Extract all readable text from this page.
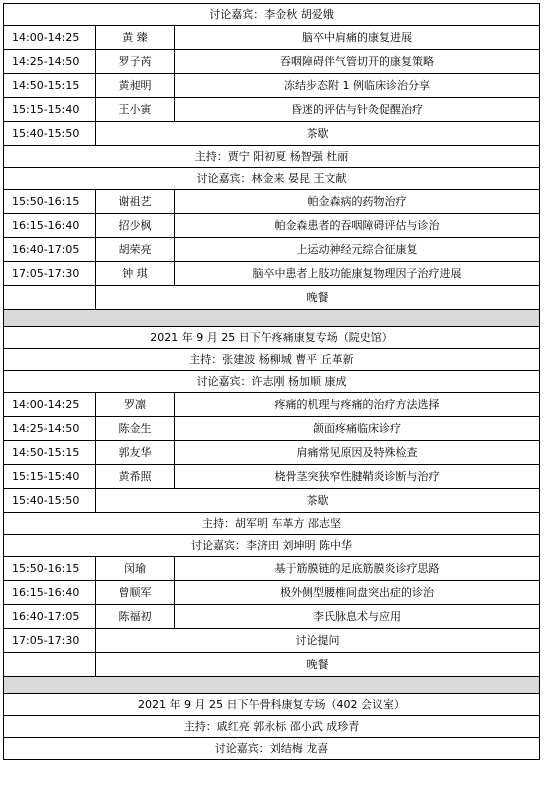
讨论嘉宾：李金秋 胡爱娥		
14:00-14:25	黄 臻	脑卒中肩痛的康复进展
14:25-14:50	罗子芮	吞咽障碍伴气管切开的康复策略
14:50-15:15	黄昶明	冻结步态附 1 例临床诊治分享
15:15-15:40	王小寅	昏迷的评估与针灸促醒治疗
15:40-15:50	茶歇	
主持：贾宁 阳初夏 杨智强 杜丽		
讨论嘉宾：林金来 晏昆 王文献		
15:50-16:15	谢祖艺	帕金森病的药物治疗
16:15-16:40	招少枫	帕金森患者的吞咽障碍评估与诊治
16:40-17:05	胡荣亮	上运动神经元综合征康复
17:05-17:30	钟 琪	脑卒中患者上肢功能康复物理因子治疗进展
	晚餐	

2021 年 9 月 25 日下午疼痛康复专场（院史馆）		
主持：张建波 杨柳城 曹平 丘革新		
讨论嘉宾：许志刚 杨加顺 康成		
14:00-14:25	罗凛	疼痛的机理与疼痛的治疗方法选择
14:25-14:50	陈金生	颌面疼痛临床诊疗
14:50-15:15	郭友华	肩痛常见原因及特殊检查
15:15-15:40	黄希照	桡骨茎突狭窄性腱鞘炎诊断与治疗
15:40-15:50	茶歇	
主持：胡军明 车革方 邵志坚		
讨论嘉宾：李济田 刘坤明 陈中华		
15:50-16:15	闵瑜	基于筋膜链的足底筋膜炎诊疗思路
16:15-16:40	曾顺军	极外侧型腰椎间盘突出症的诊治
16:40-17:05	陈福初	李氏脉息术与应用
17:05-17:30	讨论提问	
	晚餐	

2021 年 9 月 25 日下午骨科康复专场（402 会议室）		
主持：戚红亮 郭永标 邵小武 成珍青		
讨论嘉宾：刘结梅 龙喜		
